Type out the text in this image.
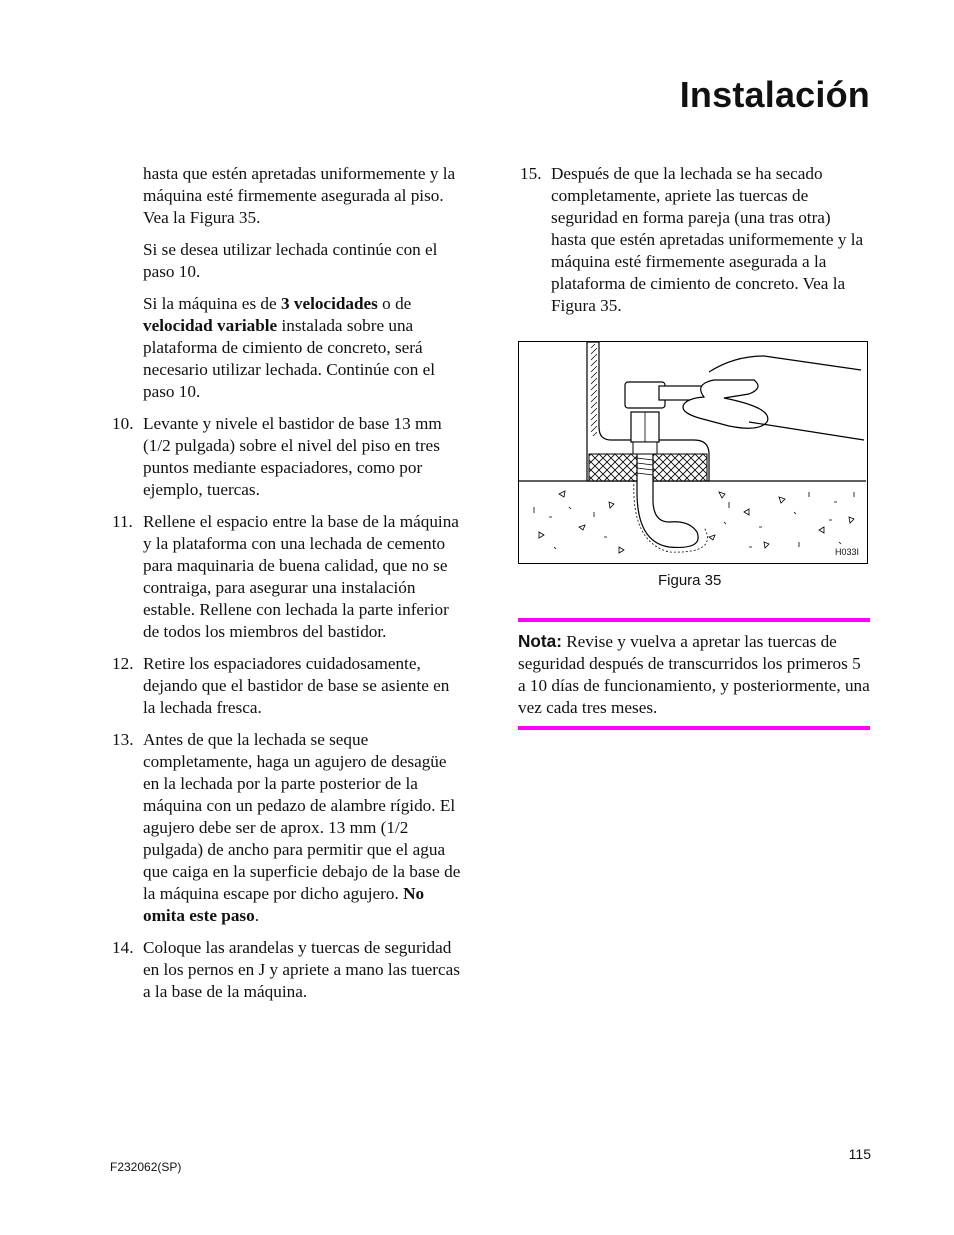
Instalación

hasta que estén apretadas uniformemente y la máquina esté firmemente asegurada al piso. Vea la Figura 35.

Si se desea utilizar lechada continúe con el paso 10.

Si la máquina es de 3 velocidades o de velocidad variable instalada sobre una plataforma de cimiento de concreto, será necesario utilizar lechada. Continúe con el paso 10.

10. Levante y nivele el bastidor de base 13 mm (1/2 pulgada) sobre el nivel del piso en tres puntos mediante espaciadores, como por ejemplo, tuercas.
11. Rellene el espacio entre la base de la máquina y la plataforma con una lechada de cemento para maquinaria de buena calidad, que no se contraiga, para asegurar una instalación estable. Rellene con lechada la parte inferior de todos los miembros del bastidor.
12. Retire los espaciadores cuidadosamente, dejando que el bastidor de base se asiente en la lechada fresca.
13. Antes de que la lechada se seque completamente, haga un agujero de desagüe en la lechada por la parte posterior de la máquina con un pedazo de alambre rígido. El agujero debe ser de aprox. 13 mm (1/2 pulgada) de ancho para permitir que el agua que caiga en la superficie debajo de la base de la máquina escape por dicho agujero. No omita este paso.
14. Coloque las arandelas y tuercas de seguridad en los pernos en J y apriete a mano las tuercas a la base de la máquina.
15. Después de que la lechada se ha secado completamente, apriete las tuercas de seguridad en forma pareja (una tras otra) hasta que estén apretadas uniformemente y la máquina esté firmemente asegurada a la plataforma de cimiento de concreto. Vea la Figura 35.
H033I
Figura 35
Nota: Revise y vuelva a apretar las tuercas de seguridad después de transcurridos los primeros 5 a 10 días de funcionamiento, y posteriormente, una vez cada tres meses.
115
F232062(SP)
